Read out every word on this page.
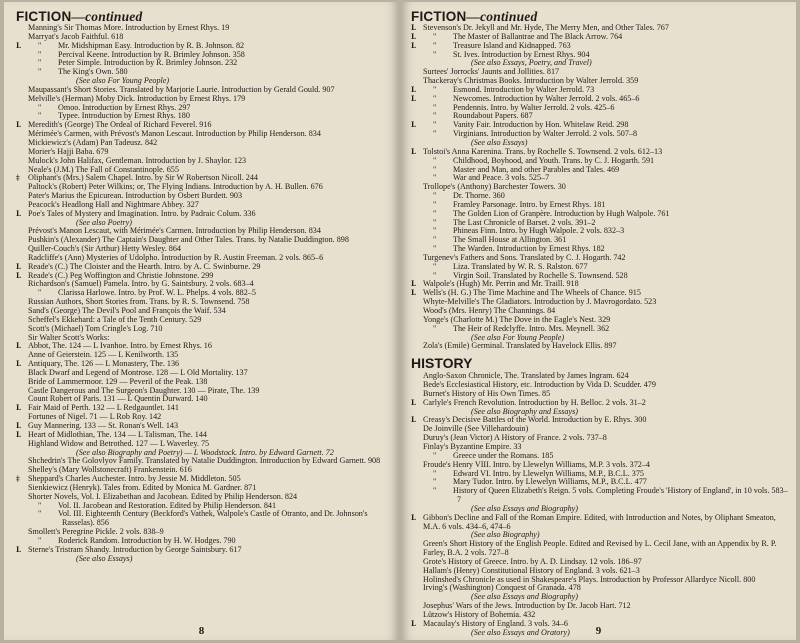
FICTION—continued
Manning's Sir Thomas More. Introduction by Ernest Rhys. 19
Marryat's Jacob Faithful. 618
L	" Mr. Midshipman Easy. Introduction by R. B. Johnson. 82
" Percival Keene. Introduction by R. Brimley Johnson. 358
" Peter Simple. Introduction by R. Brimley Johnson. 232
" The King's Own. 580
(See also For Young People)
Maupassant's Short Stories. Translated by Marjorie Laurie. Introduction by Gerald Gould. 907
Melville's (Herman) Moby Dick. Introduction by Ernest Rhys. 179
" Omoo. Introduction by Ernest Rhys. 297
" Typee. Introduction by Ernest Rhys. 180
L Meredith's (George) The Ordeal of Richard Feverel. 916
Mérimée's Carmen, with Prévost's Manon Lescaut. Introduction by Philip Henderson. 834
Mickiewicz's (Adam) Pan Tadeusz. 842
Morier's Hajji Baba. 679
Mulock's John Halifax, Gentleman. Introduction by J. Shaylor. 123
Neale's (J.M.) The Fall of Constantinople. 655
‡	Oliphant's (Mrs.) Salem Chapel. Intro. by Sir W Robertson Nicoll. 244
Paltock's (Robert) Peter Wilkins; or, The Flying Indians. Introduction by A. H. Bullen. 676
Pater's Marius the Epicurean. Introduction by Osbert Burdett. 903
Peacock's Headlong Hall and Nightmare Abbey. 327
L Poe's Tales of Mystery and Imagination. Intro. by Padraic Colum. 336
(See also Poetry)
Prévost's Manon Lescaut, with Mérimée's Carmen. Introduction by Philip Henderson. 834
Pushkin's (Alexander) The Captain's Daughter and Other Tales. Trans. by Natalie Duddington. 898
Quiller-Couch's (Sir Arthur) Hetty Wesley. 864
Radcliffe's (Ann) Mysteries of Udolpho. Introduction by R. Austin Freeman. 2 vols. 865–6
L Reade's (C.) The Cloister and the Hearth. Intro. by A. C. Swinburne. 29
L Reade's (C.) Peg Woffington and Christie Johnstone. 299
Richardson's (Samuel) Pamela. Intro. by G. Saintsbury. 2 vols. 683–4
" Clarissa Harlowe. Intro. by Prof. W. L. Phelps. 4 vols. 882–5
Russian Authors, Short Stories from. Trans. by R. S. Townsend. 758
Sand's (George) The Devil's Pool and François the Waif. 534
Scheffel's Ekkehard: a Tale of the Tenth Century. 529
Scott's (Michael) Tom Cringle's Log. 710
Sir Walter Scott's Works:
L Abbot, The. 124 — L Ivanhoe. Intro. by Ernest Rhys. 16
Anne of Geierstein. 125 — L Kenilworth. 135
L Antiquary, The. 126 — L Monastery, The. 136
Black Dwarf and Legend of Montrose. 128 — L Old Mortality. 137
Bride of Lammermoor. 129 — Peveril of the Peak. 138
Castle Dangerous and The Surgeon's Daughter. 130 — Pirate, The. 139
Count Robert of Paris. 131 — L Quentin Durward. 140
L Fair Maid of Perth. 132 — L Redgauntlet. 141
Fortunes of Nigel. 71 — L Rob Roy. 142
L Guy Mannering. 133 — St. Ronan's Well. 143
L Heart of Midlothian, The. 134 — L Talisman, The. 144
Highland Widow and Betrothed. 127 — L Waverley. 75
(See also Biography and Poetry) — L Woodstock. Intro. by Edward Garnett. 72
Shchedrin's The Golovlyov Family. Translated by Natalie Duddington. Introduction by Edward Garnett. 908
Shelley's (Mary Wollstonecraft) Frankenstein. 616
‡	Sheppard's Charles Auchester. Intro. by Jessie M. Middleton. 505
Sienkiewicz (Henryk). Tales from. Edited by Monica M. Gardner. 871
Shorter Novels, Vol. I. Elizabethan and Jacobean. Edited by Philip Henderson. 824
" Vol. II. Jacobean and Restoration. Edited by Philip Henderson. 841
" Vol. III. Eighteenth Century (Beckford's Vathek, Walpole's Castle of Otranto, and Dr. Johnson's Rasselas). 856
Smollett's Peregrine Pickle. 2 vols. 838–9
" Roderick Random. Introduction by H. W. Hodges. 790
L Sterne's Tristram Shandy. Introduction by George Saintsbury. 617
(See also Essays)
8
FICTION—continued
L Stevenson's Dr. Jekyll and Mr. Hyde, The Merry Men, and Other Tales. 767
L	" The Master of Ballantrae and The Black Arrow. 764
L	" Treasure Island and Kidnapped. 763
" St. Ives. Introduction by Ernest Rhys. 904
(See also Essays, Poetry, and Travel)
Surtees' Jorrocks' Jaunts and Jollities. 817
Thackeray's Christmas Books. Introduction by Walter Jerrold. 359
L	" Esmond. Introduction by Walter Jerrold. 73
L	" Newcomes. Introduction by Walter Jerrold. 2 vols. 465–6
" Pendennis. Intro. by Walter Jerrold. 2 vols. 425–6
" Roundabout Papers. 687
L	" Vanity Fair. Introduction by Hon. Whitelaw Reid. 298
" Virginians. Introduction by Walter Jerrold. 2 vols. 507–8
(See also Essays)
L Tolstoi's Anna Karenina. Trans. by Rochelle S. Townsend. 2 vols. 612–13
" Childhood, Boyhood, and Youth. Trans. by C. J. Hogarth. 591
" Master and Man, and other Parables and Tales. 469
" War and Peace. 3 vols. 525–7
Trollope's (Anthony) Barchester Towers. 30
" Dr. Thorne. 360
" Framley Parsonage. Intro. by Ernest Rhys. 181
" The Golden Lion of Granpère. Introduction by Hugh Walpole. 761
" The Last Chronicle of Barset. 2 vols. 391–2
" Phineas Finn. Intro. by Hugh Walpole. 2 vols. 832–3
" The Small House at Allington. 361
" The Warden. Introduction by Ernest Rhys. 182
Turgenev's Fathers and Sons. Translated by C. J. Hogarth. 742
" Liza. Translated by W. R. S. Ralston. 677
" Virgin Soil. Translated by Rochelle S. Townsend. 528
L Walpole's (Hugh) Mr. Perrin and Mr. Traill. 918
L Wells's (H. G.) The Time Machine and The Wheels of Chance. 915
Whyte-Melville's The Gladiators. Introduction by J. Mavrogordato. 523
Wood's (Mrs. Henry) The Channings. 84
Yonge's (Charlotte M.) The Dove in the Eagle's Nest. 329
" The Heir of Redclyffe. Intro. Mrs. Meynell. 362
(See also For Young People)
Zola's (Emile) Germinal. Translated by Havelock Ellis. 897
HISTORY
Anglo-Saxon Chronicle, The. Translated by James Ingram. 624
Bede's Ecclesiastical History, etc. Introduction by Vida D. Scudder. 479
Burnet's History of His Own Times. 85
L Carlyle's French Revolution. Introduction by H. Belloc. 2 vols. 31–2
(See also Biography and Essays)
L Creasy's Decisive Battles of the World. Introduction by E. Rhys. 300
De Joinville (See Villehardouin)
Duruy's (Jean Victor) A History of France. 2 vols. 737–8
Finlay's Byzantine Empire. 33
" Greece under the Romans. 185
Froude's Henry VIII. Intro. by Llewelyn Williams, M.P. 3 vols. 372–4
" Edward VI. Intro. by Llewelyn Williams, M.P., B.C.L. 375
" Mary Tudor. Intro. by Llewelyn Williams, M.P., B.C.L. 477
" History of Queen Elizabeth's Reign. 5 vols. Completing Froude's 'History of England', in 10 vols. 583–7
(See also Essays and Biography)
L Gibbon's Decline and Fall of the Roman Empire. Edited, with Introduction and Notes, by Oliphant Smeaton, M.A. 6 vols. 434–6, 474–6
(See also Biography)
Green's Short History of the English People. Edited and Revised by L. Cecil Jane, with an Appendix by R. P. Farley, B.A. 2 vols. 727–8
Grote's History of Greece. Intro. by A. D. Lindsay. 12 vols. 186–97
Hallam's (Henry) Constitutional History of England. 3 vols. 621–3
Holinshed's Chronicle as used in Shakespeare's Plays. Introduction by Professor Allardyce Nicoll. 800
Irving's (Washington) Conquest of Granada. 478
(See also Essays and Biography)
Josephus' Wars of the Jews. Introduction by Dr. Jacob Hart. 712
Lützow's History of Bohemia. 432
L Macaulay's History of England. 3 vols. 34–6
(See also Essays and Oratory)	9
